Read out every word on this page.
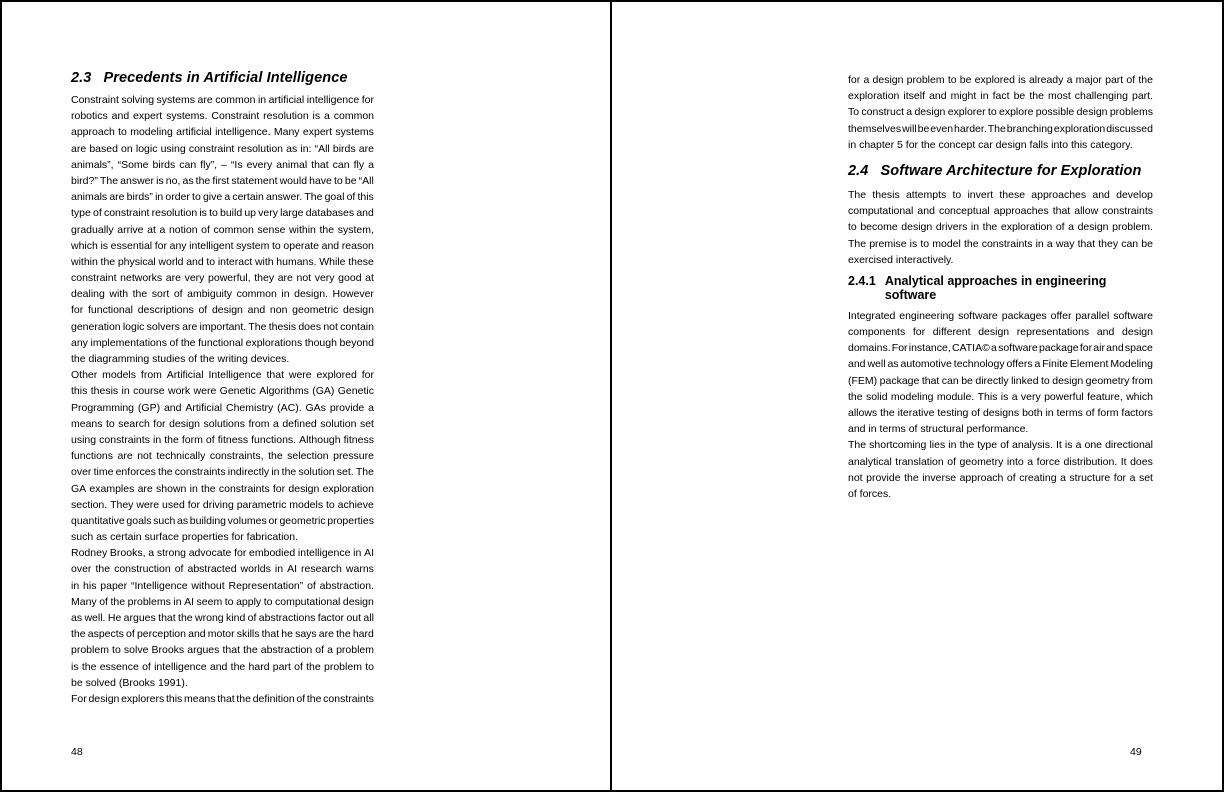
2.3 Precedents in Artificial Intelligence
Constraint solving systems are common in artificial intelligence for
robotics and expert systems. Constraint resolution is a common
approach to modeling artificial intelligence. Many expert systems
are based on logic using constraint resolution as in: “All birds are
animals”, “Some birds can fly”, – “Is every animal that can fly a
bird?” The answer is no, as the first statement would have to be “All
animals are birds” in order to give a certain answer. The goal of this
type of constraint resolution is to build up very large databases and
gradually arrive at a notion of common sense within the system,
which is essential for any intelligent system to operate and reason
within the physical world and to interact with humans. While these
constraint networks are very powerful, they are not very good at
dealing with the sort of ambiguity common in design. However
for functional descriptions of design and non geometric design
generation logic solvers are important. The thesis does not contain
any implementations of the functional explorations though beyond
the diagramming studies of the writing devices.
Other models from Artificial Intelligence that were explored for
this thesis in course work were Genetic Algorithms (GA) Genetic
Programming (GP) and Artificial Chemistry (AC). GAs provide a
means to search for design solutions from a defined solution set
using constraints in the form of fitness functions. Although fitness
functions are not technically constraints, the selection pressure
over time enforces the constraints indirectly in the solution set. The
GA examples are shown in the constraints for design exploration
section. They were used for driving parametric models to achieve
quantitative goals such as building volumes or geometric properties
such as certain surface properties for fabrication.
Rodney Brooks, a strong advocate for embodied intelligence in AI
over the construction of abstracted worlds in AI research warns
in his paper “Intelligence without Representation” of abstraction.
Many of the problems in AI seem to apply to computational design
as well. He argues that the wrong kind of abstractions factor out all
the aspects of perception and motor skills that he says are the hard
problem to solve Brooks argues that the abstraction of a problem
is the essence of intelligence and the hard part of the problem to
be solved (Brooks 1991).
For design explorers this means that the definition of the constraints
for a design problem to be explored is already a major part of the
exploration itself and might in fact be the most challenging part.
To construct a design explorer to explore possible design problems
themselves will be even harder. The branching exploration discussed
in chapter 5 for the concept car design falls into this category.
2.4 Software Architecture for Exploration
The thesis attempts to invert these approaches and develop
computational and conceptual approaches that allow constraints
to become design drivers in the exploration of a design problem.
The premise is to model the constraints in a way that they can be
exercised interactively.
2.4.1 Analytical approaches in engineering software
Integrated engineering software packages offer parallel software
components for different design representations and design
domains. For instance, CATIA© a software package for air and space
and well as automotive technology offers a Finite Element Modeling
(FEM) package that can be directly linked to design geometry from
the solid modeling module. This is a very powerful feature, which
allows the iterative testing of designs both in terms of form factors
and in terms of structural performance.
The shortcoming lies in the type of analysis. It is a one directional
analytical translation of geometry into a force distribution. It does
not provide the inverse approach of creating a structure for a set
of forces.
48	49
